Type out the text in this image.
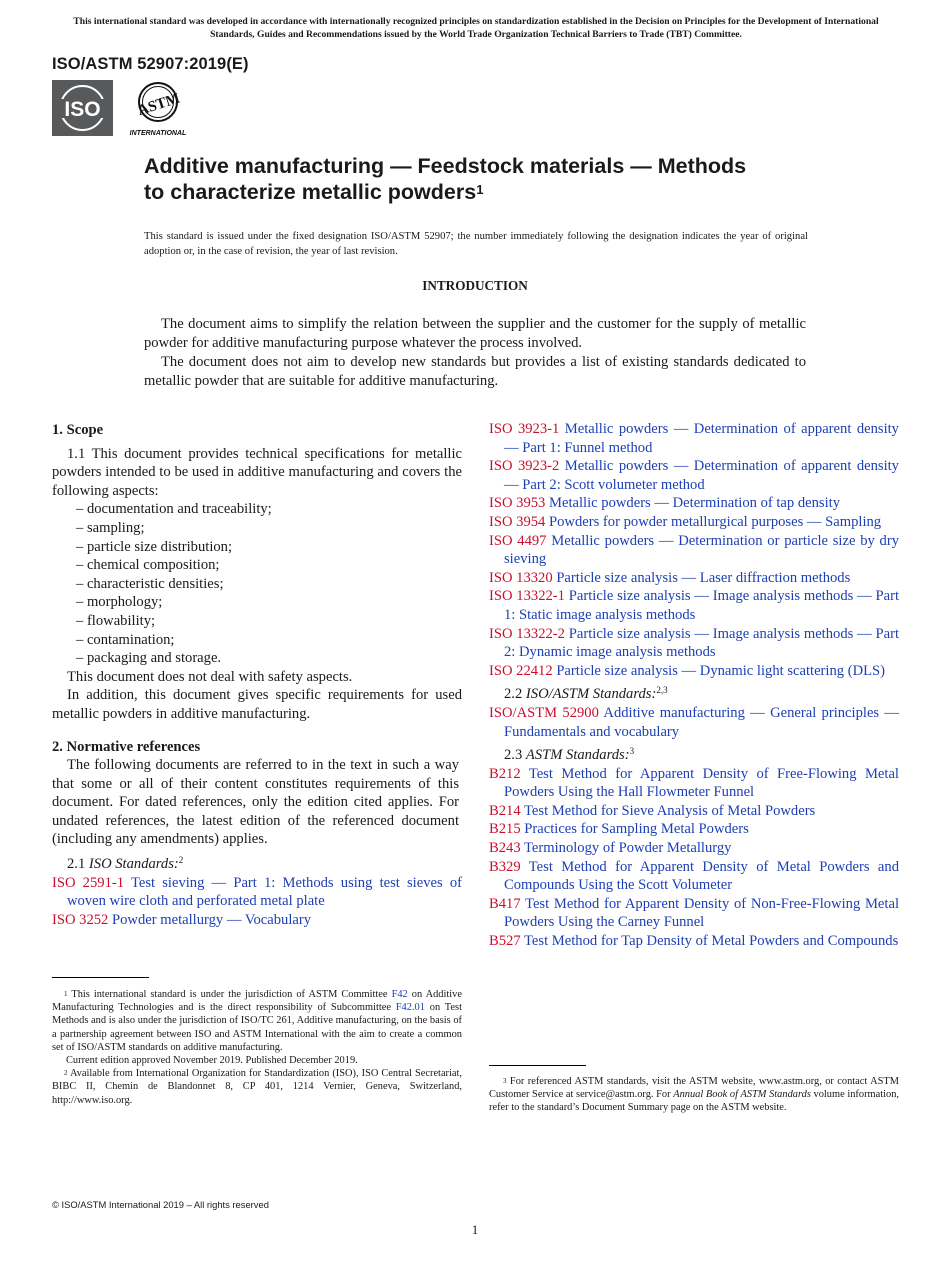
This international standard was developed in accordance with internationally recognized principles on standardization established in the Decision on Principles for the Development of International Standards, Guides and Recommendations issued by the World Trade Organization Technical Barriers to Trade (TBT) Committee.
ISO/ASTM 52907:2019(E)
ISO ASTM
INTERNATIONAL
Additive manufacturing — Feedstock materials — Methods
to characterize metallic powders$^1$
This standard is issued under the fixed designation ISO/ASTM 52907; the number immediately following the designation indicates the year of original adoption or, in the case of revision, the year of last revision.
INTRODUCTION
The document aims to simplify the relation between the supplier and the customer for the supply of metallic powder for additive manufacturing purpose whatever the process involved.
The document does not aim to develop new standards but provides a list of existing standards dedicated to metallic powder that are suitable for additive manufacturing.

1. Scope

1.1 This document provides technical specifications for metallic powders intended to be used in additive manufacturing and covers the following aspects:

– documentation and traceability;

– sampling;

– particle size distribution;

– chemical composition;

– characteristic densities;

– morphology;

– flowability;

– contamination;

– packaging and storage.

This document does not deal with safety aspects.

In addition, this document gives specific requirements for used metallic powders in additive manufacturing.

2. Normative references

The following documents are referred to in the text in such a way that some or all of their content constitutes requirements of this document. For dated references, only the edition cited applies. For undated references, the latest edition of the referenced document (including any amendments) applies.

2.1 ISO Standards:$^2$

ISO 2591-1 Test sieving — Part 1: Methods using test sieves of woven wire cloth and perforated metal plate

ISO 3252 Powder metallurgy — Vocabulary

$^1$ This international standard is under the jurisdiction of ASTM Committee F42 on Additive Manufacturing Technologies and is the direct responsibility of Subcommittee F42.01 on Test Methods and is also under the jurisdiction of ISO/TC 261, Additive manufacturing, on the basis of a partnership agreement between ISO and ASTM International with the aim to create a common set of ISO/ASTM standards on additive manufacturing.

Current edition approved November 2019. Published December 2019.

$^2$ Available from International Organization for Standardization (ISO), ISO Central Secretariat, BIBC II, Chemin de Blandonnet 8, CP 401, 1214 Vernier, Geneva, Switzerland, http://www.iso.org.

ISO 3923-1 Metallic powders — Determination of apparent density — Part 1: Funnel method

ISO 3923-2 Metallic powders — Determination of apparent density — Part 2: Scott volumeter method

ISO 3953 Metallic powders — Determination of tap density

ISO 3954 Powders for powder metallurgical purposes — Sampling

ISO 4497 Metallic powders — Determination or particle size by dry sieving

ISO 13320 Particle size analysis — Laser diffraction methods

ISO 13322-1 Particle size analysis — Image analysis methods — Part 1: Static image analysis methods

ISO 13322-2 Particle size analysis — Image analysis methods — Part 2: Dynamic image analysis methods

ISO 22412 Particle size analysis — Dynamic light scattering (DLS)

2.2 ISO/ASTM Standards:$^{2,3}$

ISO/ASTM 52900 Additive manufacturing — General principles — Fundamentals and vocabulary

2.3 ASTM Standards:$^3$

B212 Test Method for Apparent Density of Free-Flowing Metal Powders Using the Hall Flowmeter Funnel

B214 Test Method for Sieve Analysis of Metal Powders

B215 Practices for Sampling Metal Powders

B243 Terminology of Powder Metallurgy

B329 Test Method for Apparent Density of Metal Powders and Compounds Using the Scott Volumeter

B417 Test Method for Apparent Density of Non-Free-Flowing Metal Powders Using the Carney Funnel

B527 Test Method for Tap Density of Metal Powders and Compounds

$^3$ For referenced ASTM standards, visit the ASTM website, www.astm.org, or contact ASTM Customer Service at service@astm.org. For Annual Book of ASTM Standards volume information, refer to the standard’s Document Summary page on the ASTM website.

© ISO/ASTM International 2019 – All rights reserved
1
